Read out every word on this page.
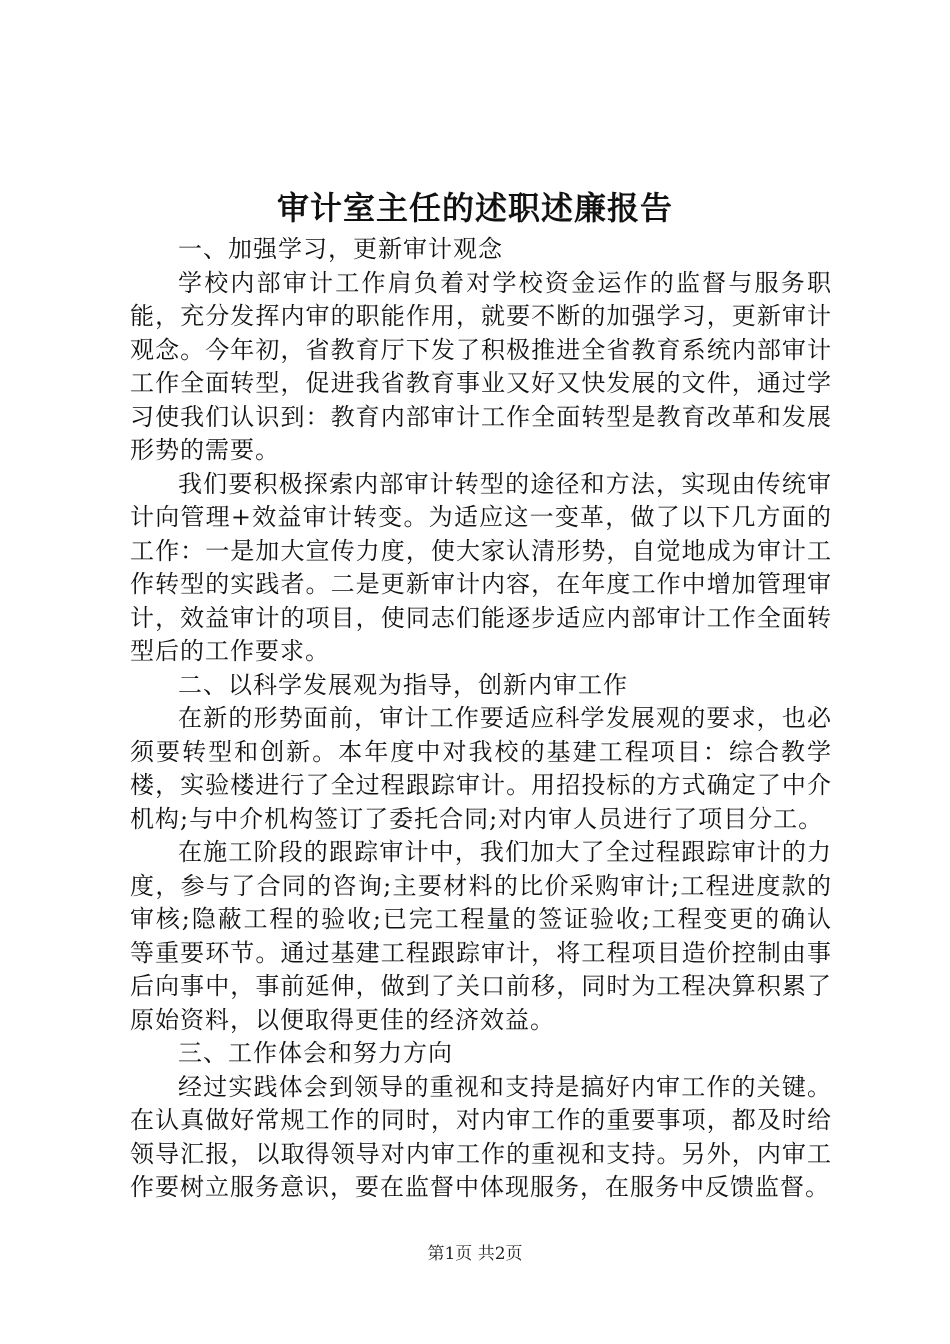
审计室主任的述职述廉报告

一、加强学习，更新审计观念

学校内部审计工作肩负着对学校资金运作的监督与服务职能，充分发挥内审的职能作用，就要不断的加强学习，更新审计观念。今年初，省教育厅下发了积极推进全省教育系统内部审计工作全面转型，促进我省教育事业又好又快发展的文件，通过学习使我们认识到：教育内部审计工作全面转型是教育改革和发展形势的需要。

我们要积极探索内部审计转型的途径和方法，实现由传统审计向管理+效益审计转变。为适应这一变革，做了以下几方面的工作：一是加大宣传力度，使大家认清形势，自觉地成为审计工作转型的实践者。二是更新审计内容，在年度工作中增加管理审计，效益审计的项目，使同志们能逐步适应内部审计工作全面转型后的工作要求。

二、以科学发展观为指导，创新内审工作

在新的形势面前，审计工作要适应科学发展观的要求，也必须要转型和创新。本年度中对我校的基建工程项目：综合教学楼，实验楼进行了全过程跟踪审计。用招投标的方式确定了中介机构;与中介机构签订了委托合同;对内审人员进行了项目分工。

在施工阶段的跟踪审计中，我们加大了全过程跟踪审计的力度，参与了合同的咨询;主要材料的比价采购审计;工程进度款的审核;隐蔽工程的验收;已完工程量的签证验收;工程变更的确认等重要环节。通过基建工程跟踪审计，将工程项目造价控制由事后向事中，事前延伸，做到了关口前移，同时为工程决算积累了原始资料，以便取得更佳的经济效益。

三、工作体会和努力方向

经过实践体会到领导的重视和支持是搞好内审工作的关键。在认真做好常规工作的同时，对内审工作的重要事项，都及时给领导汇报，以取得领导对内审工作的重视和支持。另外，内审工作要树立服务意识，要在监督中体现服务，在服务中反馈监督。

第1页 共2页
